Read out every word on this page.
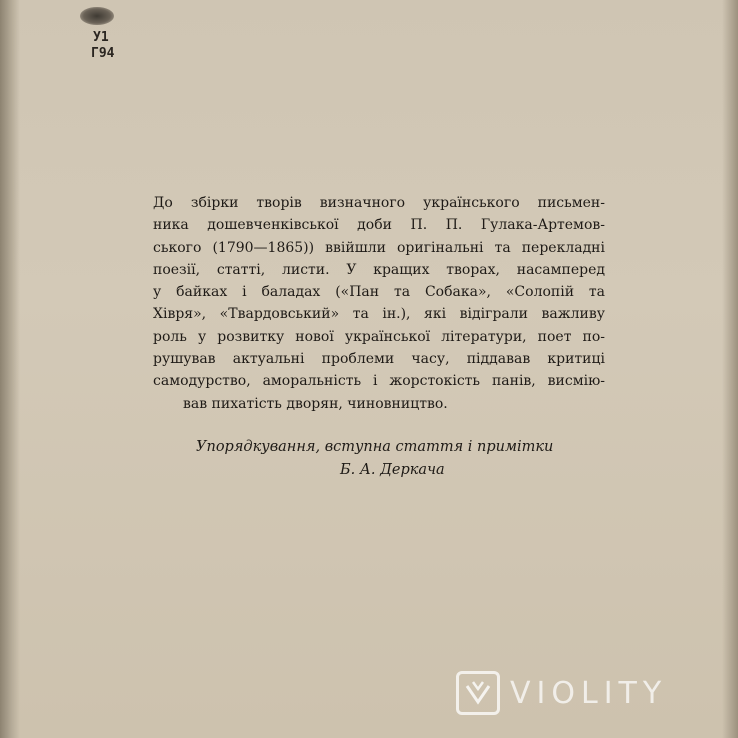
У1
Г94
До збірки творів визначного українського письмен-
ника дошевченківської доби П. П. Гулака-Артемов-
ського (1790—1865)) ввійшли оригінальні та перекладні
поезії, статті, листи. У кращих творах, насамперед
у байках і баладах («Пан та Собака», «Солопій та
Хівря», «Твардовський» та ін.), які відіграли важливу
роль у розвитку нової української літератури, поет по-
рушував актуальні проблеми часу, піддавав критиці
самодурство, аморальність і жорстокість панів, висмію-
вав пихатість дворян, чиновництво.
Упорядкування, вступна стаття і примітки
Б. А. Деркача
VIOLITY
